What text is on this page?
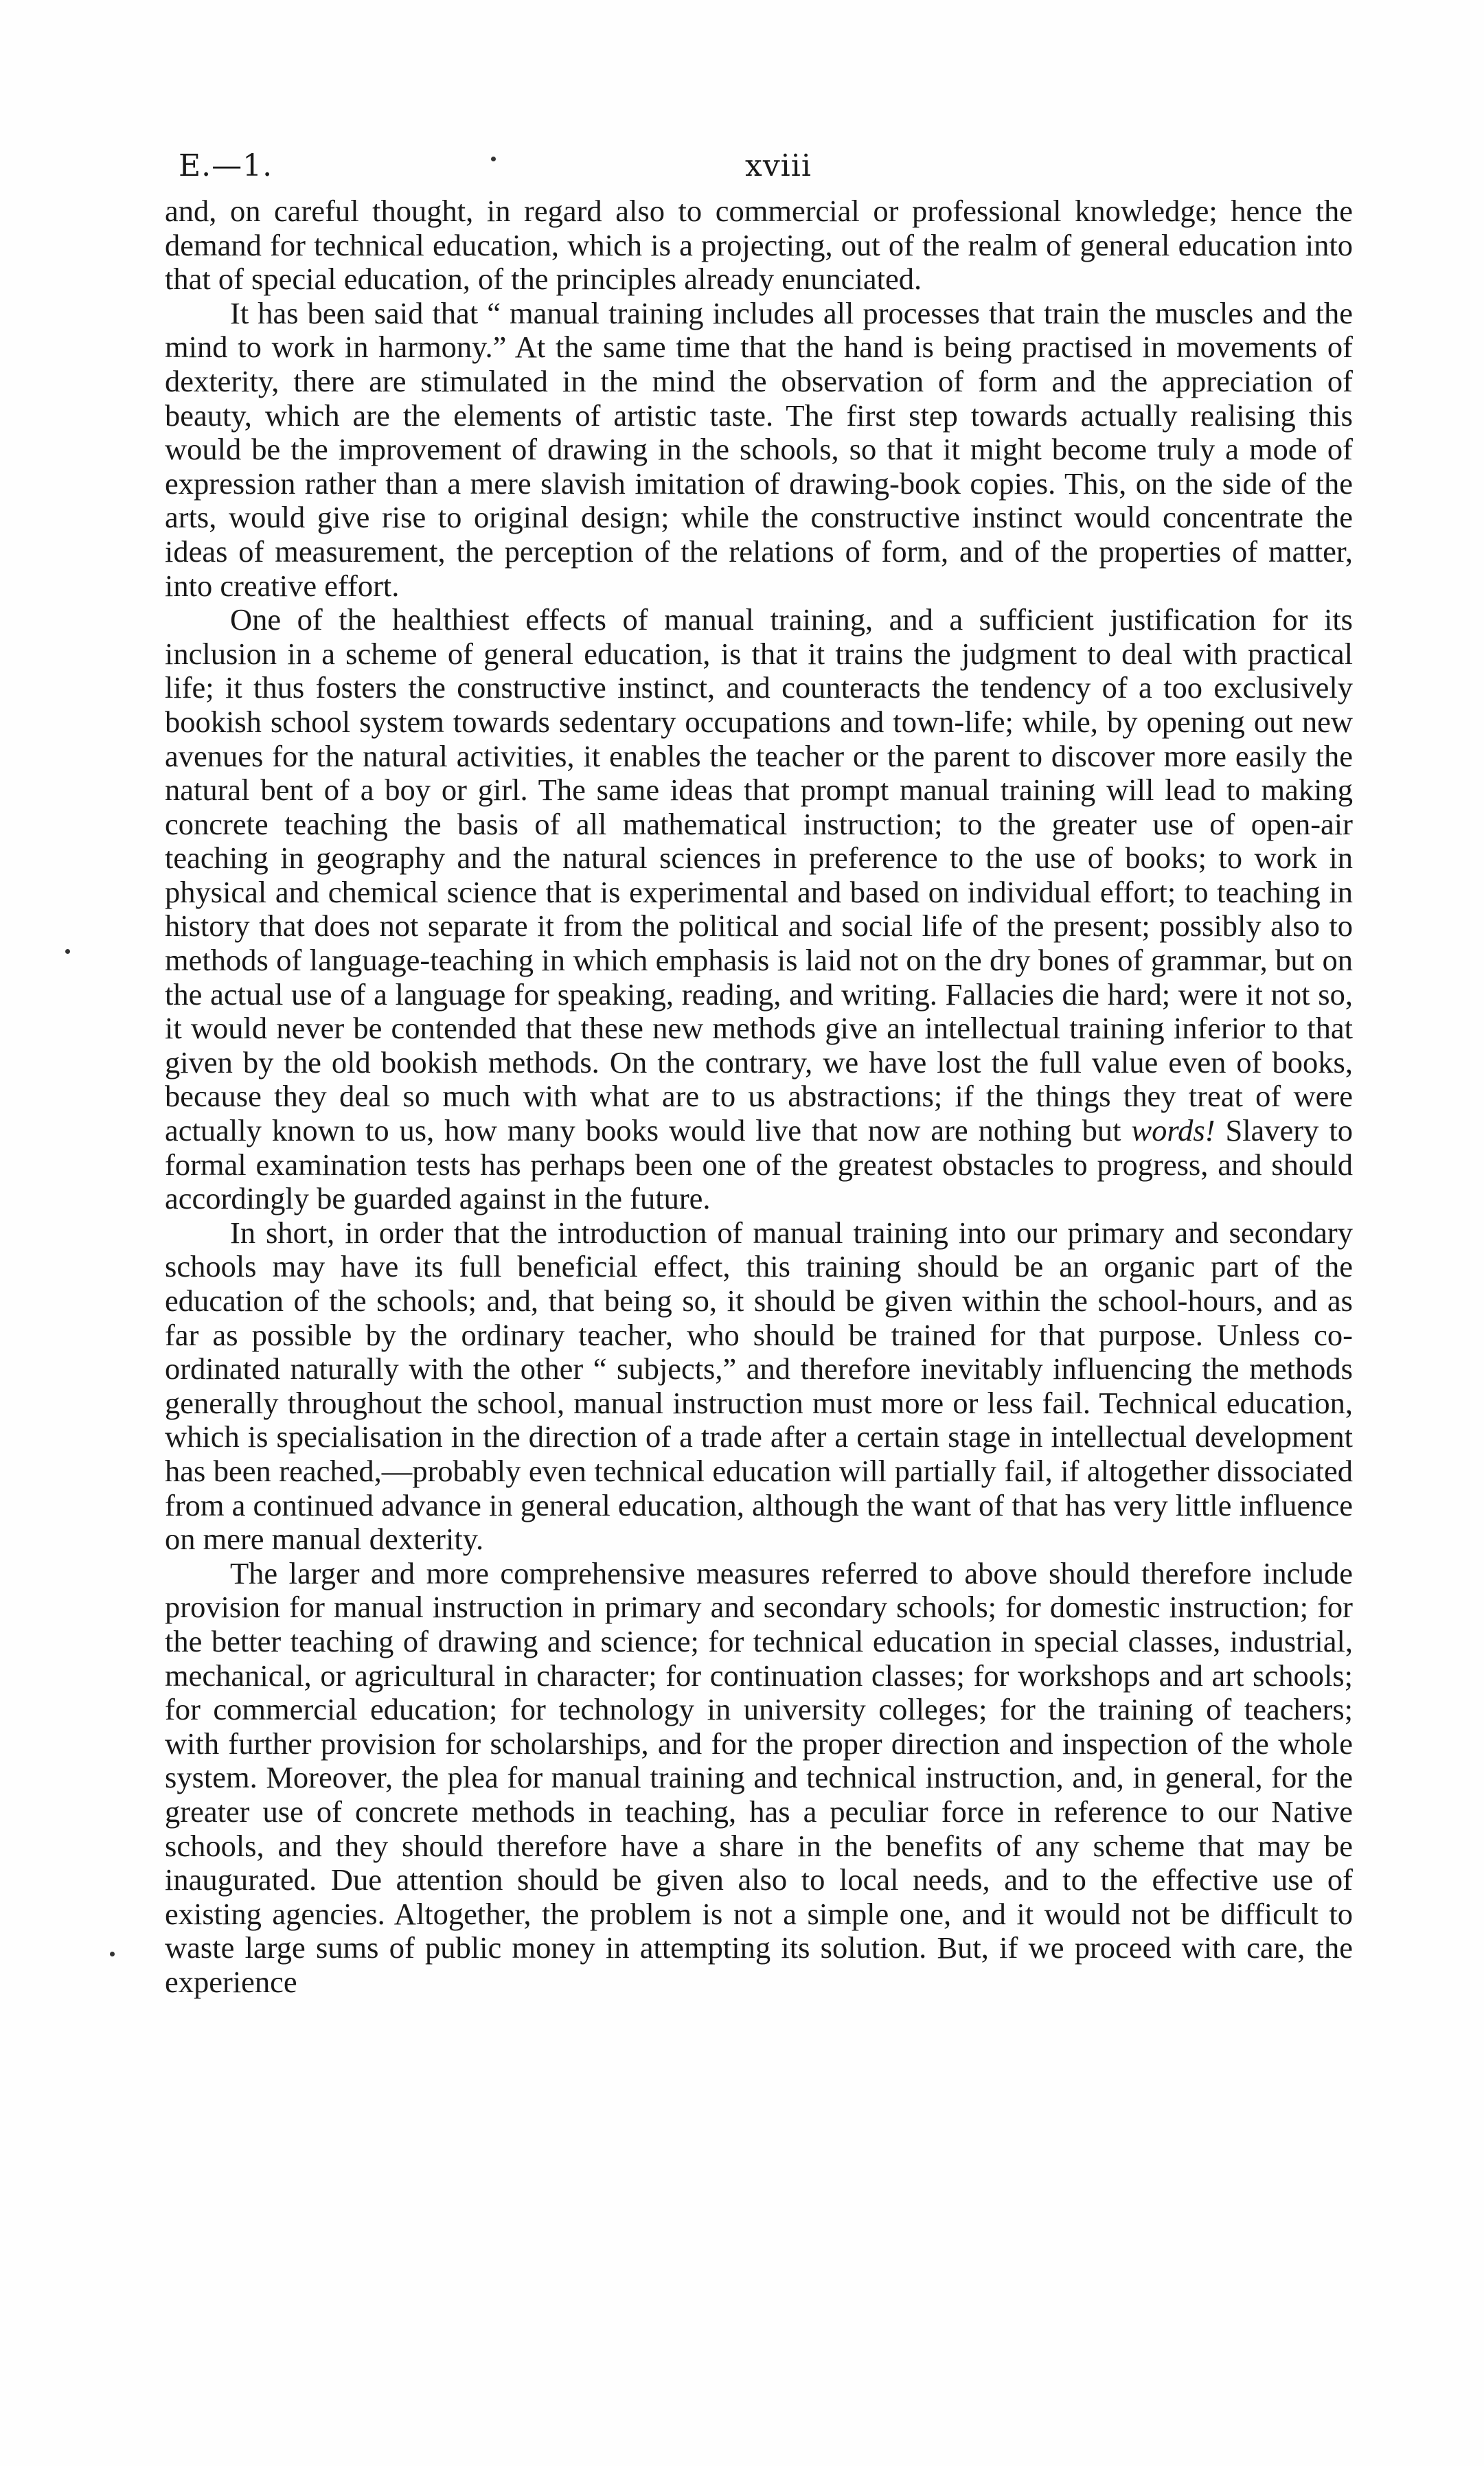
E.—1.	xviii

and, on careful thought, in regard also to commercial or professional knowledge; hence the demand for technical education, which is a projecting, out of the realm of general education into that of special education, of the principles already enunciated.

It has been said that “ manual training includes all processes that train the muscles and the mind to work in harmony.” At the same time that the hand is being practised in movements of dexterity, there are stimulated in the mind the observation of form and the appreciation of beauty, which are the elements of artistic taste. The first step towards actually realising this would be the improvement of drawing in the schools, so that it might become truly a mode of expression rather than a mere slavish imitation of drawing-book copies. This, on the side of the arts, would give rise to original design; while the constructive instinct would concentrate the ideas of measurement, the perception of the relations of form, and of the properties of matter, into creative effort.

One of the healthiest effects of manual training, and a sufficient justification for its inclusion in a scheme of general education, is that it trains the judgment to deal with practical life; it thus fosters the constructive instinct, and counteracts the tendency of a too exclusively bookish school system towards sedentary occupations and town-life; while, by opening out new avenues for the natural activities, it enables the teacher or the parent to discover more easily the natural bent of a boy or girl. The same ideas that prompt manual training will lead to making concrete teaching the basis of all mathematical instruction; to the greater use of open-air teaching in geography and the natural sciences in preference to the use of books; to work in physical and chemical science that is experimental and based on individual effort; to teaching in history that does not separate it from the political and social life of the present; possibly also to methods of language-teaching in which emphasis is laid not on the dry bones of grammar, but on the actual use of a language for speaking, reading, and writing. Fallacies die hard; were it not so, it would never be contended that these new methods give an intellectual training inferior to that given by the old bookish methods. On the contrary, we have lost the full value even of books, because they deal so much with what are to us abstractions; if the things they treat of were actually known to us, how many books would live that now are nothing but words! Slavery to formal examination tests has perhaps been one of the greatest obstacles to progress, and should accordingly be guarded against in the future.

In short, in order that the introduction of manual training into our primary and secondary schools may have its full beneficial effect, this training should be an organic part of the education of the schools; and, that being so, it should be given within the school-hours, and as far as possible by the ordinary teacher, who should be trained for that purpose. Unless co-ordinated naturally with the other “ subjects,” and therefore inevitably influencing the methods generally throughout the school, manual instruction must more or less fail. Technical education, which is specialisation in the direction of a trade after a certain stage in intellectual development has been reached,—probably even technical education will partially fail, if altogether dissociated from a continued advance in general education, although the want of that has very little influence on mere manual dexterity.

The larger and more comprehensive measures referred to above should therefore include provision for manual instruction in primary and secondary schools; for domestic instruction; for the better teaching of drawing and science; for technical education in special classes, industrial, mechanical, or agricultural in character; for continuation classes; for workshops and art schools; for commercial education; for technology in university colleges; for the training of teachers; with further provision for scholarships, and for the proper direction and inspection of the whole system. Moreover, the plea for manual training and technical instruction, and, in general, for the greater use of concrete methods in teaching, has a peculiar force in reference to our Native schools, and they should therefore have a share in the benefits of any scheme that may be inaugurated. Due attention should be given also to local needs, and to the effective use of existing agencies. Altogether, the problem is not a simple one, and it would not be difficult to waste large sums of public money in attempting its solution. But, if we proceed with care, the experience
